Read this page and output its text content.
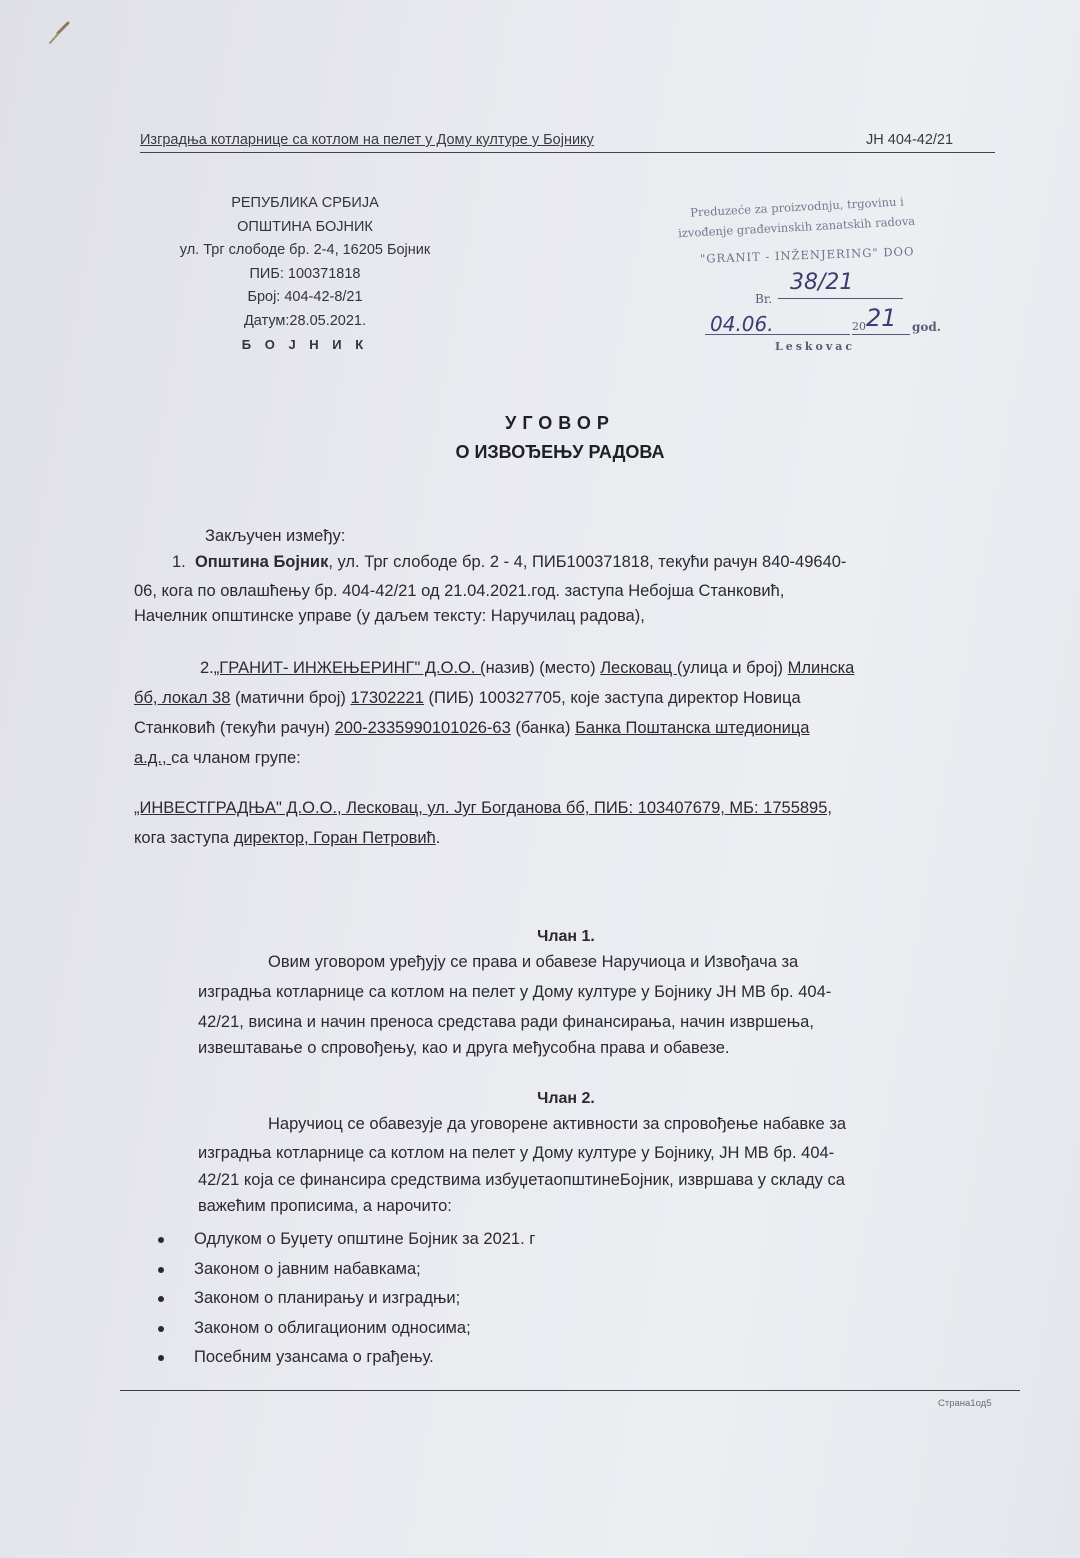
Изградња котларнице са котлом на пелет у Дому културе у Бојнику	ЈН 404-42/21
РЕПУБЛИКА СРБИЈА
ОПШТИНА БОЈНИК
ул. Трг слободе бр. 2-4, 16205 Бојник
ПИБ: 100371818
Број: 404-42-8/21
Датум:28.05.2021.
Б О Ј Н И К
Preduzeće za proizvodnju, trgovinu i
izvođenje građevinskih zanatskih radova
"GRANIT - INŽENJERING" DOO
Br.
38/21
04.06.	20 21 god.
Leskovac
УГОВОР
О ИЗВОЂЕЊУ РАДОВА
Закључен између:
1. Општина Бојник, ул. Трг слободе бр. 2 - 4, ПИБ100371818, текући рачун 840-49640-
06, кога по овлашћењу бр. 404-42/21 од 21.04.2021.год. заступа Небојша Станковић,
Начелник општинске управе (у даљем тексту: Наручилац радова),
2.„ГРАНИТ- ИНЖЕЊЕРИНГ" Д.О.О. (назив) (место) Лесковац (улица и број) Млинска
бб, локал 38 (матични број) 17302221 (ПИБ) 100327705, које заступа директор Новица
Станковић (текући рачун) 200-2335990101026-63 (банка) Банка Поштанска штедионица
а.д., са чланом групе:
„ИНВЕСТГРАДЊА" Д.О.О., Лесковац, ул. Југ Богданова бб, ПИБ: 103407679, МБ: 1755895,
кога заступа директор, Горан Петровић.
Члан 1.
Овим уговором уређују се права и обавезе Наручиоца и Извођача за
изградња котларнице са котлом на пелет у Дому културе у Бојнику ЈН МВ бр. 404-
42/21, висина и начин преноса средстава ради финансирања, начин извршења,
извештавање о спровођењу, као и друга међусобна права и обавезе.
Члан 2.
Наручиоц се обавезује да уговорене активности за спровођење набавке за
изградња котларнице са котлом на пелет у Дому културе у Бојнику, ЈН МВ бр. 404-
42/21 која се финансира средствима избуџетаопштинеБојник, извршава у складу са
важећим прописима, а нарочито:
Одлуком о Буџету општине Бојник за 2021. г
Законом о јавним набавкама;
Законом о планирању и изградњи;
Законом о облигационим односима;
Посебним узансама о грађењу.
Страна1од5
